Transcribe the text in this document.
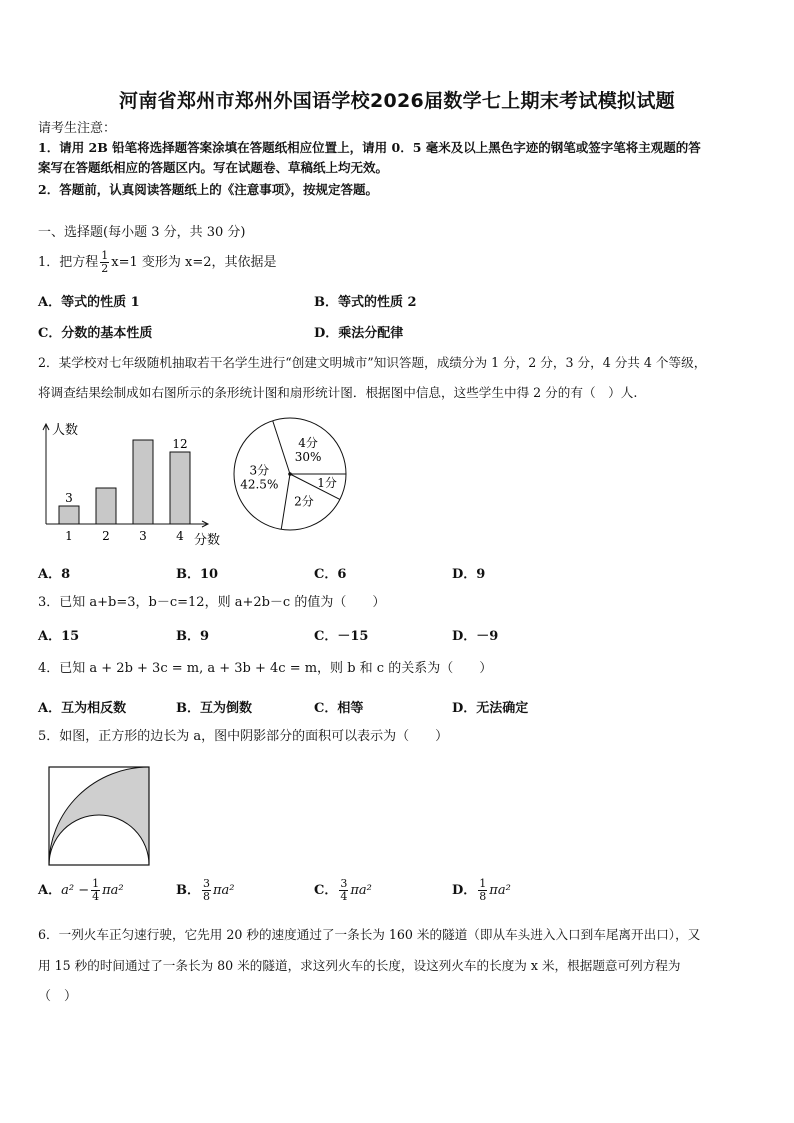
河南省郑州市郑州外国语学校2026届数学七上期末考试模拟试题
请考生注意：
1．请用 2B 铅笔将选择题答案涂填在答题纸相应位置上，请用 0．5 毫米及以上黑色字迹的钢笔或签字笔将主观题的答
案写在答题纸相应的答题区内。写在试题卷、草稿纸上均无效。
2．答题前，认真阅读答题纸上的《注意事项》，按规定答题。
一、选择题(每小题 3 分，共 30 分)
1．把方程 $\frac{1}{2} x=1$ 变形为 x=2，其依据是
A．等式的性质 1	B．等式的性质 2
C．分数的基本性质	D．乘法分配律
2．某学校对七年级随机抽取若干名学生进行“创建文明城市”知识答题，成绩分为 1 分，2 分，3 分，4 分共 4 个等级，
将调查结果绘制成如右图所示的条形统计图和扇形统计图．根据图中信息，这些学生中得 2 分的有（　）人.
人数
分数
1
3
2 3 4
12	4分
30%
3分
42.5%
2分
1分
A．8	B．10	C．6	D．9
3．已知 a+b=3，b－c=12，则 a+2b－c 的值为（　　）
A．15	B．9	C．－15	D．－9
4．已知 a + 2b + 3c = m, a + 3b + 4c = m，则 b 和 c 的关系为（　　）
A．互为相反数	B．互为倒数	C．相等	D．无法确定
5．如图，正方形的边长为 a，图中阴影部分的面积可以表示为（　　）
A．$a^2 - \frac{1}{4} \pi a^2$	B． $\frac{3}{8} \pi a^2$	C． $\frac{3}{4} \pi a^2$	D． $\frac{1}{8} \pi a^2$
6．一列火车正匀速行驶，它先用 20 秒的速度通过了一条长为 160 米的隧道（即从车头进入入口到车尾离开出口），又
用 15 秒的时间通过了一条长为 80 米的隧道，求这列火车的长度，设这列火车的长度为 x 米，根据题意可列方程为
（　）
